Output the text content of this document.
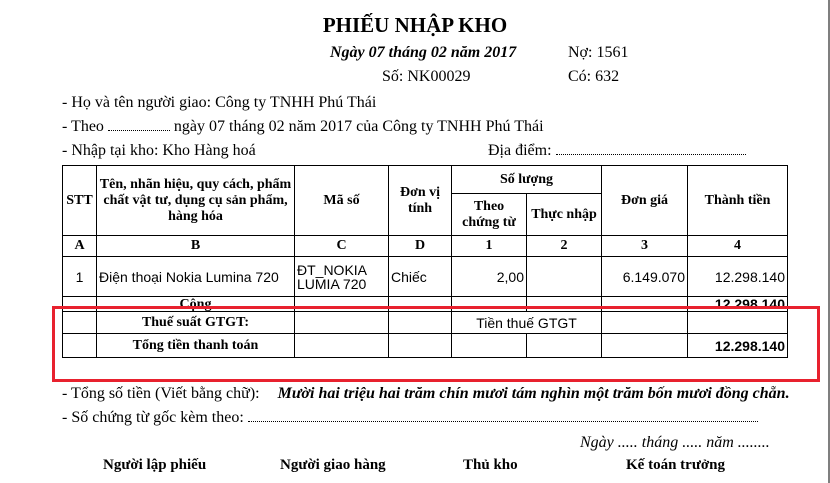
PHIẾU NHẬP KHO
Ngày 07 tháng 02 năm 2017	Nợ: 1561
Số: NK00029	Có: 632
- Họ và tên người giao: Công ty TNHH Phú Thái
- Theo	ngày 07 tháng 02 năm 2017 của Công ty TNHH Phú Thái
- Nhập tại kho: Kho Hàng hoá	Địa điểm:
STT	Tên, nhãn hiệu, quy cách, phẩm chất vật tư, dụng cụ sản phẩm, hàng hóa	Mã số	Đơn vị tính	Số lượng		Đơn giá	Thành tiền
				Theo chứng từ	Thực nhập		
A	B	C	D	1	2	3	4
1	Điện thoại Nokia Lumina 720	ĐT_NOKIA LUMIA 720	Chiếc	2,00		6.149.070	12.298.140
	Cộng						12.298.140
	Thuế suất GTGT:			Tiền thuế GTGT			
	Tổng tiền thanh toán						12.298.140
- Tổng số tiền (Viết bằng chữ): Mười hai triệu hai trăm chín mươi tám nghìn một trăm bốn mươi đồng chẵn.
- Số chứng từ gốc kèm theo:
Ngày ..... tháng ..... năm ........
Người lập phiếu	Người giao hàng	Thủ kho	Kế toán trưởng
